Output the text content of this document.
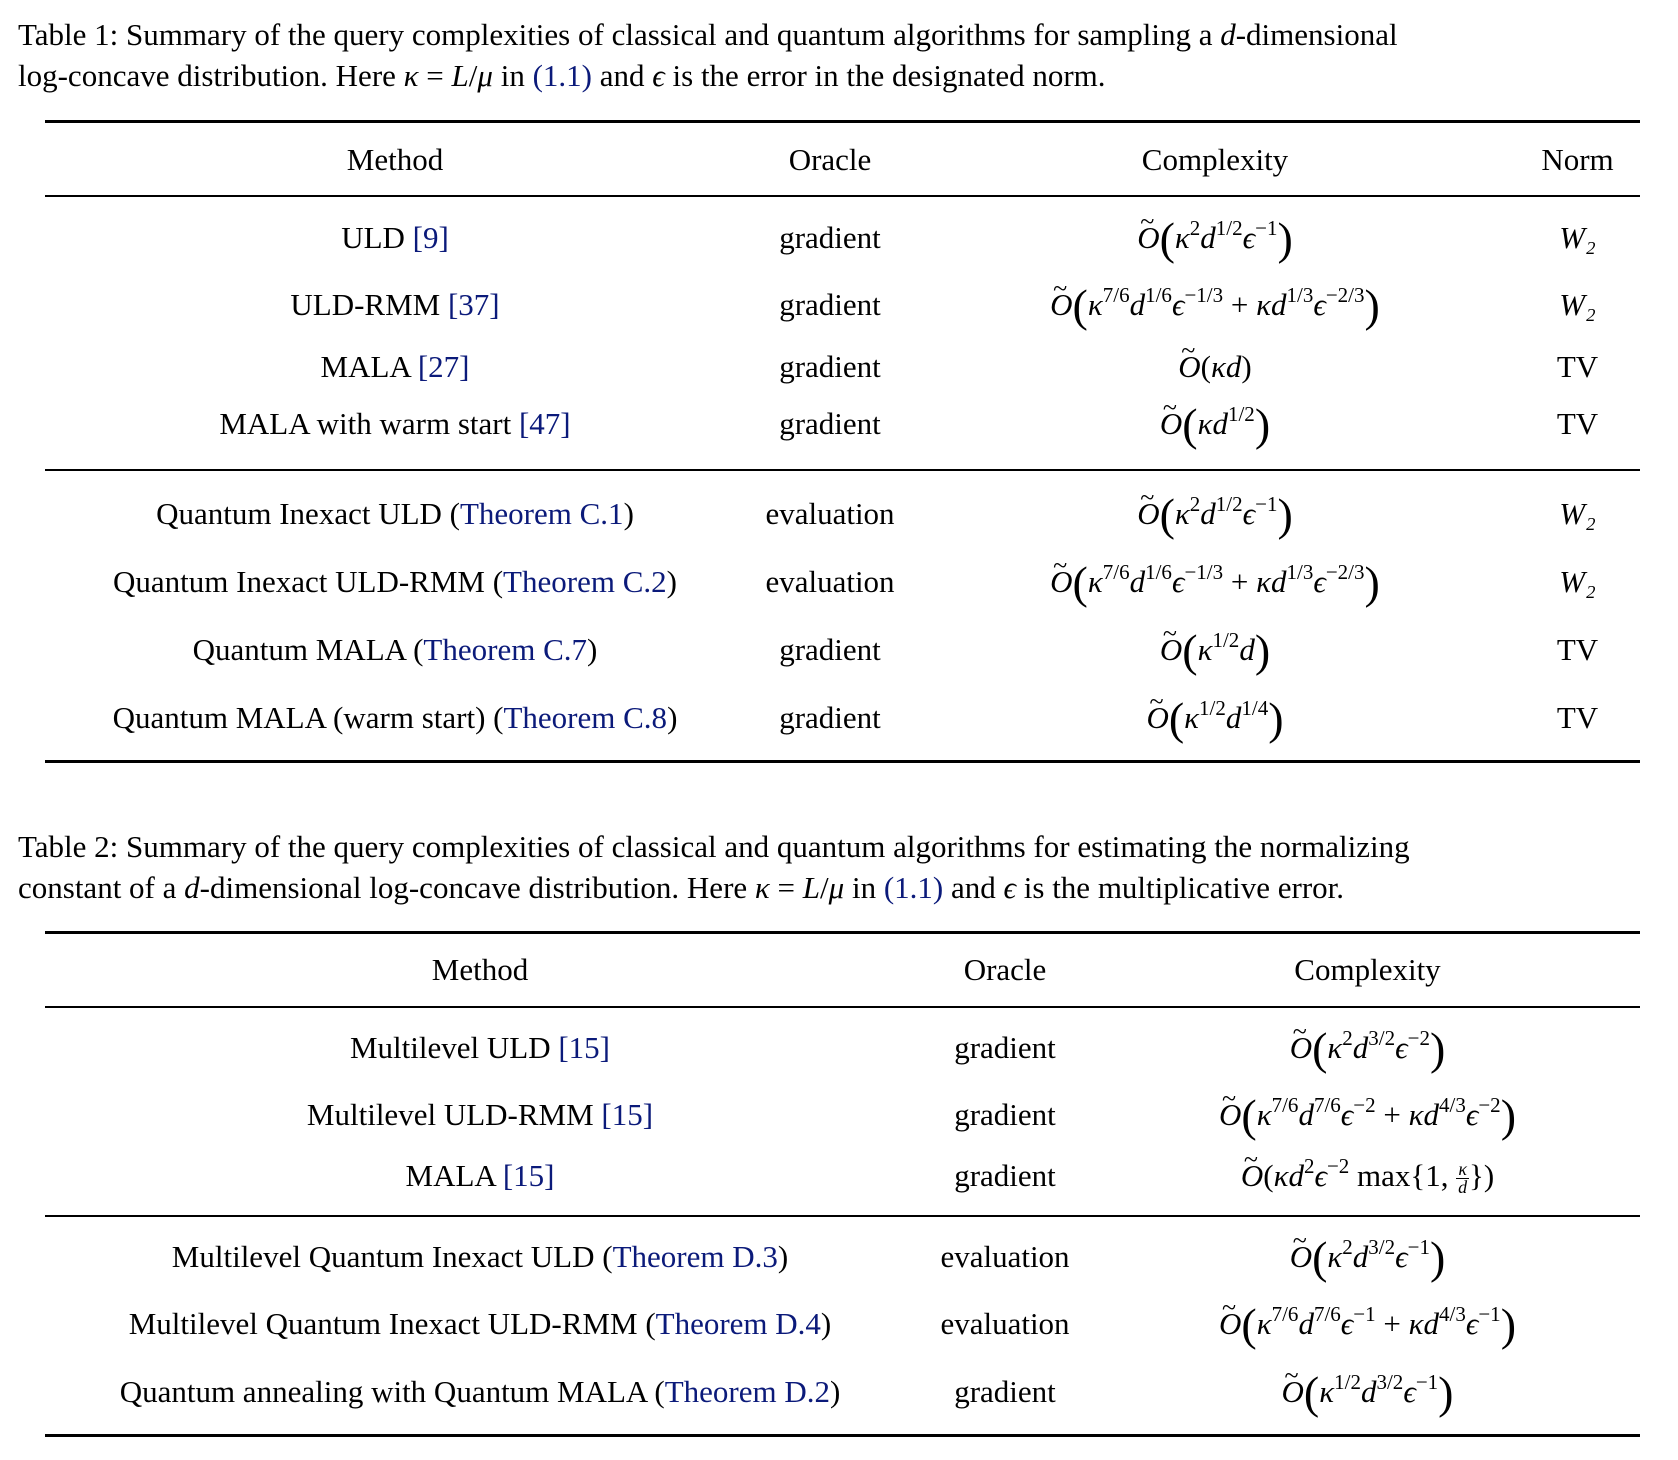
Table 1: Summary of the query complexities of classical and quantum algorithms for sampling a d-dimensional
log-concave distribution. Here κ = L/μ in (1.1) and ϵ is the error in the designated norm.
Method	Oracle	Complexity	Norm
ULD [9]	gradient	~ $O(\kappa^2d^{1/2}\epsilon^{-1})$	W₂
ULD-RMM [37]	gradient	~ $O(\kappa^{7/6}d^{1/6}\epsilon^{-1/3} + \kappa d^{1/3}\epsilon^{-2/3})$	W₂
MALA [27]	gradient	~ O(κd)	TV
MALA with warm start [47]	gradient	~ $O(\kappa d^{1/2})$	TV
Quantum Inexact ULD (Theorem C.1)	evaluation	~ $O(\kappa^2d^{1/2}\epsilon^{-1})$	W₂
Quantum Inexact ULD-RMM (Theorem C.2)	evaluation	~ $O(\kappa^{7/6}d^{1/6}\epsilon^{-1/3} + \kappa d^{1/3}\epsilon^{-2/3})$	W₂
Quantum MALA (Theorem C.7)	gradient	~ $O(\kappa^{1/2}d)$	TV
Quantum MALA (warm start) (Theorem C.8)	gradient	~ $O(\kappa^{1/2}d^{1/4})$	TV
Table 2: Summary of the query complexities of classical and quantum algorithms for estimating the normalizing
constant of a d-dimensional log-concave distribution. Here κ = L/μ in (1.1) and ϵ is the multiplicative error.
Method	Oracle	Complexity
Multilevel ULD [15]	gradient	~ $O(\kappa^2d^{3/2}\epsilon^{-2})$
Multilevel ULD-RMM [15]	gradient	~ $O(\kappa^{7/6}d^{7/6}\epsilon^{-2} + \kappa d^{4/3}\epsilon^{-2})$
MALA [15]	gradient	~ $O(\kappa d^2\epsilon^{-2}$ max{1, $\frac{\kappa}{d}$ })
Multilevel Quantum Inexact ULD (Theorem D.3)	evaluation	~ $O(\kappa^2d^{3/2}\epsilon^{-1})$
Multilevel Quantum Inexact ULD-RMM (Theorem D.4)	evaluation	~ $O(\kappa^{7/6}d^{7/6}\epsilon^{-1} + \kappa d^{4/3}\epsilon^{-1})$
Quantum annealing with Quantum MALA (Theorem D.2)	gradient	~ $O(\kappa^{1/2}d^{3/2}\epsilon^{-1})$
